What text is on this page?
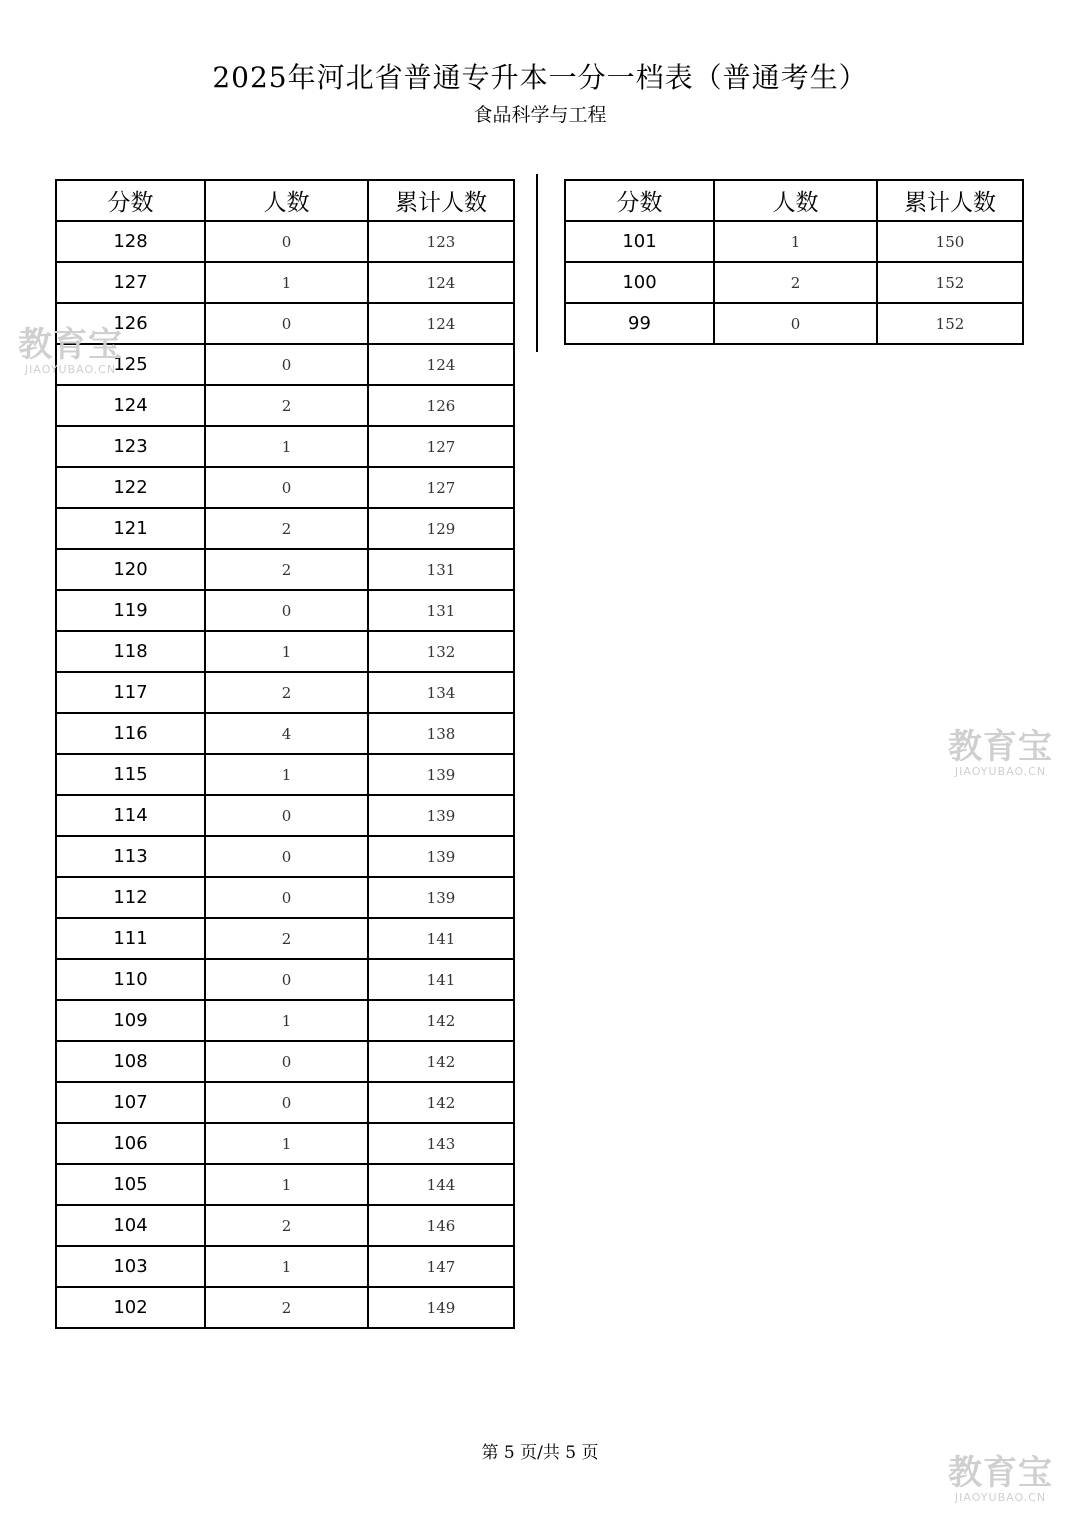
2025年河北省普通专升本一分一档表（普通考生）
食品科学与工程
分数	人数	累计人数
128	0	123
127	1	124
126	0	124
125	0	124
124	2	126
123	1	127
122	0	127
121	2	129
120	2	131
119	0	131
118	1	132
117	2	134
116	4	138
115	1	139
114	0	139
113	0	139
112	0	139
111	2	141
110	0	141
109	1	142
108	0	142
107	0	142
106	1	143
105	1	144
104	2	146
103	1	147
102	2	149
分数	人数	累计人数
101	1	150
100	2	152
99	0	152
第 5 页/共 5 页
教育宝
JIAOYUBAO.CN
教育宝
JIAOYUBAO.CN
教育宝
JIAOYUBAO.CN
